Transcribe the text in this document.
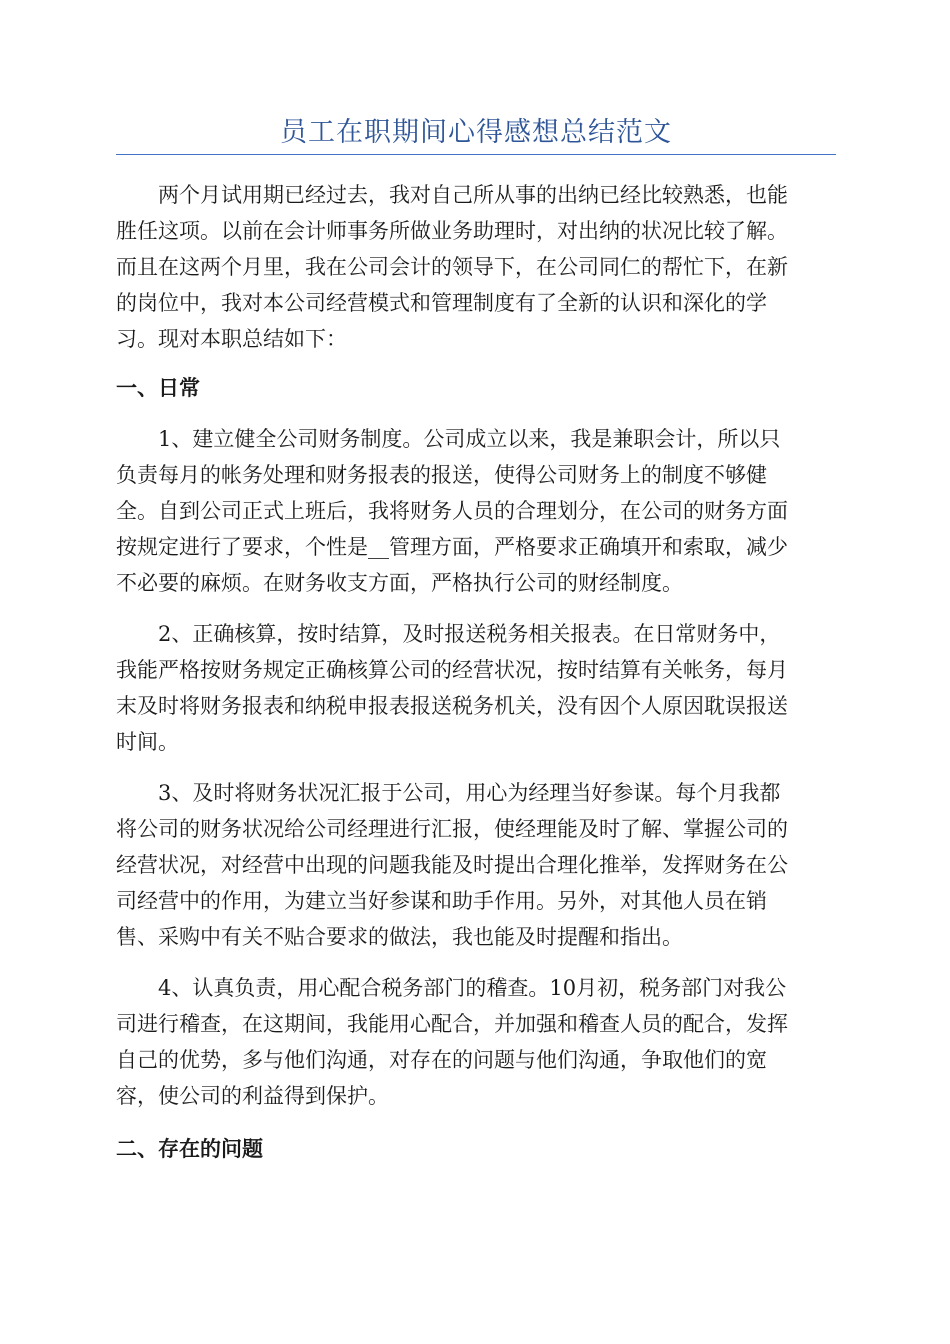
员工在职期间心得感想总结范文
两个月试用期已经过去，我对自己所从事的出纳已经比较熟悉，也能
胜任这项。以前在会计师事务所做业务助理时，对出纳的状况比较了解。
而且在这两个月里，我在公司会计的领导下，在公司同仁的帮忙下，在新
的岗位中，我对本公司经营模式和管理制度有了全新的认识和深化的学
习。现对本职总结如下：
一、日常
1、建立健全公司财务制度。公司成立以来，我是兼职会计，所以只
负责每月的帐务处理和财务报表的报送，使得公司财务上的制度不够健
全。自到公司正式上班后，我将财务人员的合理划分，在公司的财务方面
按规定进行了要求，个性是__管理方面，严格要求正确填开和索取，减少
不必要的麻烦。在财务收支方面，严格执行公司的财经制度。
2、正确核算，按时结算，及时报送税务相关报表。在日常财务中，
我能严格按财务规定正确核算公司的经营状况，按时结算有关帐务，每月
末及时将财务报表和纳税申报表报送税务机关，没有因个人原因耽误报送
时间。
3、及时将财务状况汇报于公司，用心为经理当好参谋。每个月我都
将公司的财务状况给公司经理进行汇报，使经理能及时了解、掌握公司的
经营状况，对经营中出现的问题我能及时提出合理化推举，发挥财务在公
司经营中的作用，为建立当好参谋和助手作用。另外，对其他人员在销
售、采购中有关不贴合要求的做法，我也能及时提醒和指出。
4、认真负责，用心配合税务部门的稽查。10月初，税务部门对我公
司进行稽查，在这期间，我能用心配合，并加强和稽查人员的配合，发挥
自己的优势，多与他们沟通，对存在的问题与他们沟通，争取他们的宽
容，使公司的利益得到保护。
二、存在的问题
